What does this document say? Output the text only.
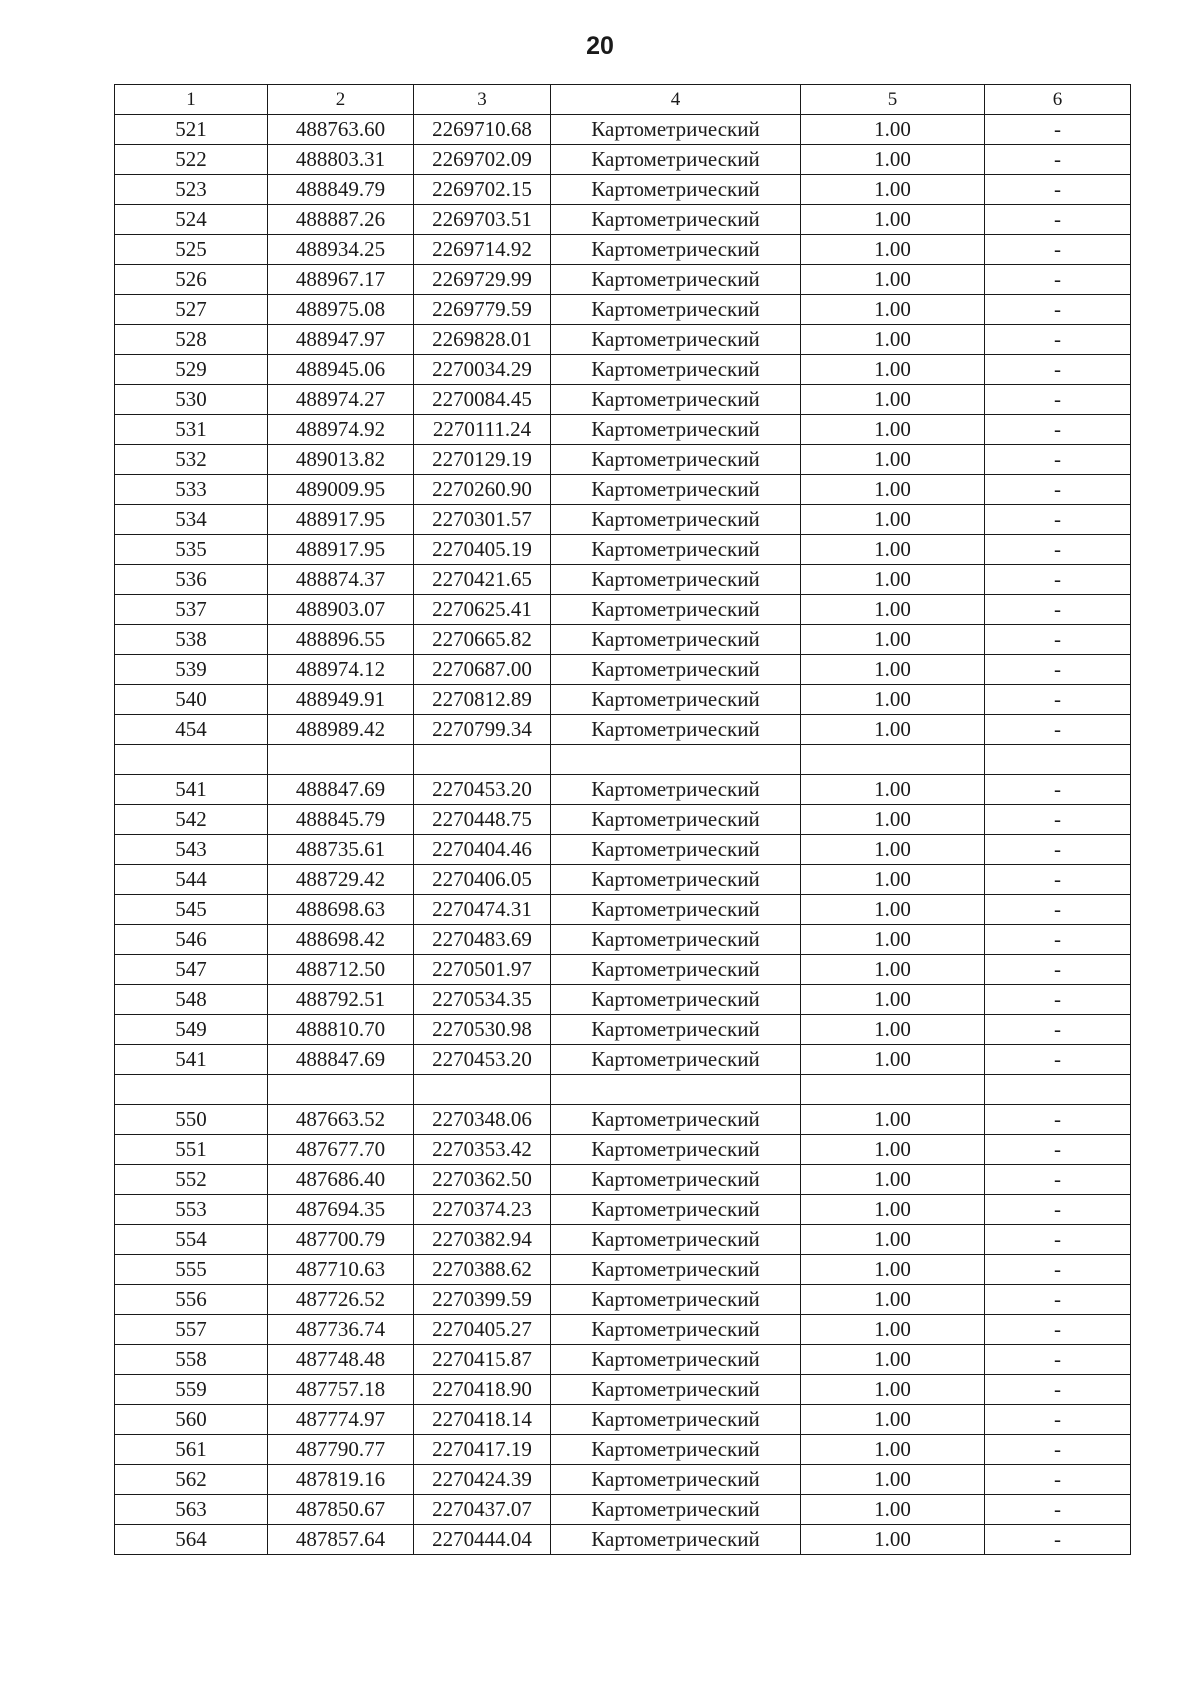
20
1	2	3	4	5	6
521	488763.60	2269710.68	Картометрический	1.00	-
522	488803.31	2269702.09	Картометрический	1.00	-
523	488849.79	2269702.15	Картометрический	1.00	-
524	488887.26	2269703.51	Картометрический	1.00	-
525	488934.25	2269714.92	Картометрический	1.00	-
526	488967.17	2269729.99	Картометрический	1.00	-
527	488975.08	2269779.59	Картометрический	1.00	-
528	488947.97	2269828.01	Картометрический	1.00	-
529	488945.06	2270034.29	Картометрический	1.00	-
530	488974.27	2270084.45	Картометрический	1.00	-
531	488974.92	2270111.24	Картометрический	1.00	-
532	489013.82	2270129.19	Картометрический	1.00	-
533	489009.95	2270260.90	Картометрический	1.00	-
534	488917.95	2270301.57	Картометрический	1.00	-
535	488917.95	2270405.19	Картометрический	1.00	-
536	488874.37	2270421.65	Картометрический	1.00	-
537	488903.07	2270625.41	Картометрический	1.00	-
538	488896.55	2270665.82	Картометрический	1.00	-
539	488974.12	2270687.00	Картометрический	1.00	-
540	488949.91	2270812.89	Картометрический	1.00	-
454	488989.42	2270799.34	Картометрический	1.00	-

541	488847.69	2270453.20	Картометрический	1.00	-
542	488845.79	2270448.75	Картометрический	1.00	-
543	488735.61	2270404.46	Картометрический	1.00	-
544	488729.42	2270406.05	Картометрический	1.00	-
545	488698.63	2270474.31	Картометрический	1.00	-
546	488698.42	2270483.69	Картометрический	1.00	-
547	488712.50	2270501.97	Картометрический	1.00	-
548	488792.51	2270534.35	Картометрический	1.00	-
549	488810.70	2270530.98	Картометрический	1.00	-
541	488847.69	2270453.20	Картометрический	1.00	-

550	487663.52	2270348.06	Картометрический	1.00	-
551	487677.70	2270353.42	Картометрический	1.00	-
552	487686.40	2270362.50	Картометрический	1.00	-
553	487694.35	2270374.23	Картометрический	1.00	-
554	487700.79	2270382.94	Картометрический	1.00	-
555	487710.63	2270388.62	Картометрический	1.00	-
556	487726.52	2270399.59	Картометрический	1.00	-
557	487736.74	2270405.27	Картометрический	1.00	-
558	487748.48	2270415.87	Картометрический	1.00	-
559	487757.18	2270418.90	Картометрический	1.00	-
560	487774.97	2270418.14	Картометрический	1.00	-
561	487790.77	2270417.19	Картометрический	1.00	-
562	487819.16	2270424.39	Картометрический	1.00	-
563	487850.67	2270437.07	Картометрический	1.00	-
564	487857.64	2270444.04	Картометрический	1.00	-
